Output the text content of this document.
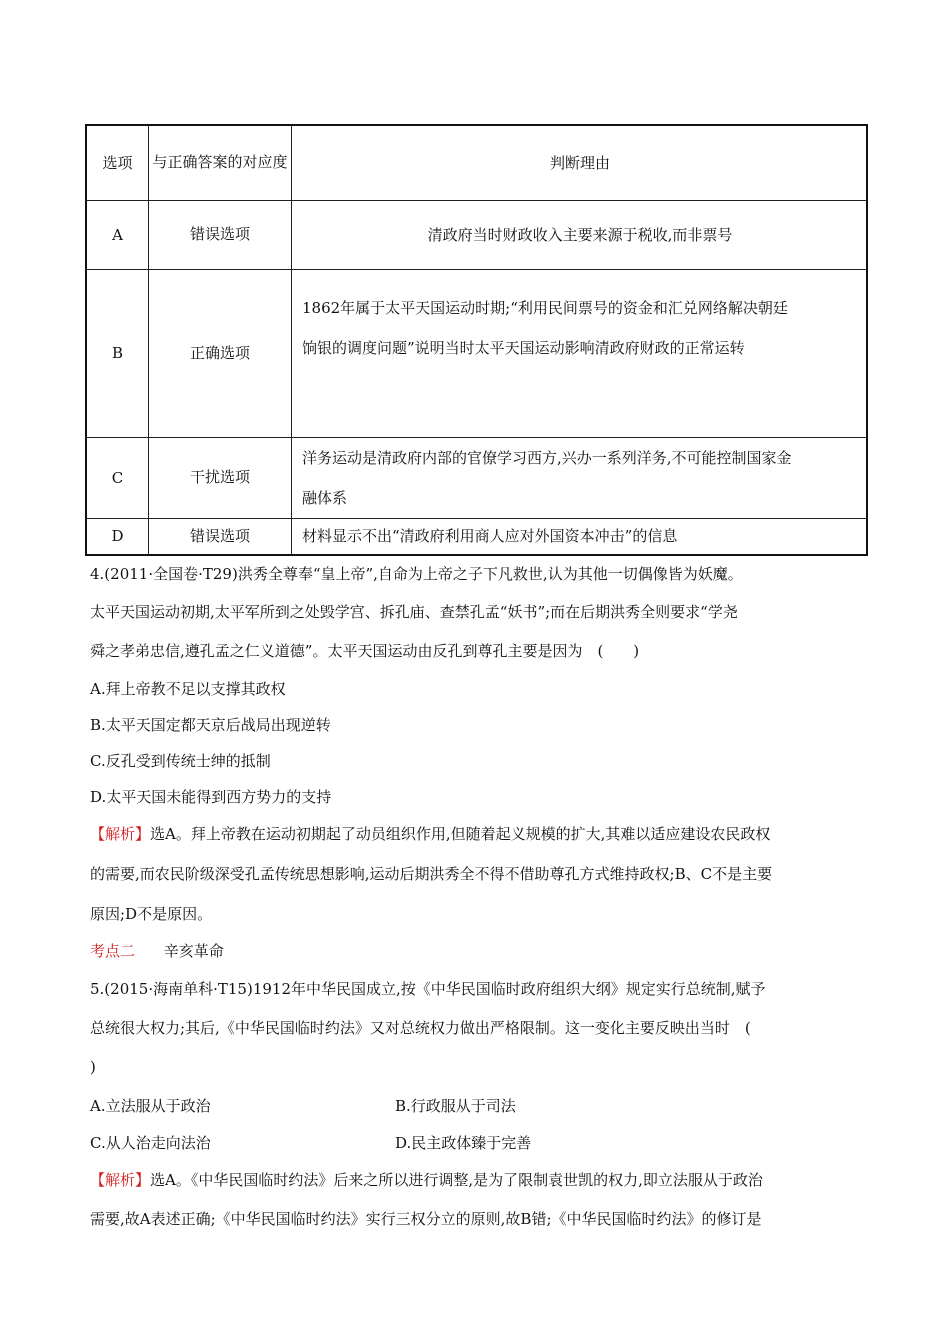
选项	与正确答案的对应度	判断理由
A	错误选项	清政府当时财政收入主要来源于税收,而非票号
B	正确选项	1862年属于太平天国运动时期;“利用民间票号的资金和汇兑网络解决朝廷
饷银的调度问题”说明当时太平天国运动影响清政府财政的正常运转

C	干扰选项	洋务运动是清政府内部的官僚学习西方,兴办一系列洋务,不可能控制国家金
融体系

D	错误选项	材料显示不出“清政府利用商人应对外国资本冲击”的信息
4.(2011·全国卷·T29)洪秀全尊奉“皇上帝”,自命为上帝之子下凡救世,认为其他一切偶像皆为妖魔。
太平天国运动初期,太平军所到之处毁学宫、拆孔庙、查禁孔孟“妖书”;而在后期洪秀全则要求“学尧
舜之孝弟忠信,遵孔孟之仁义道德”。太平天国运动由反孔到尊孔主要是因为　(　　)
A.拜上帝教不足以支撑其政权
B.太平天国定都天京后战局出现逆转
C.反孔受到传统士绅的抵制
D.太平天国未能得到西方势力的支持
【解析】选A。拜上帝教在运动初期起了动员组织作用,但随着起义规模的扩大,其难以适应建设农民政权
的需要,而农民阶级深受孔孟传统思想影响,运动后期洪秀全不得不借助尊孔方式维持政权;B、C不是主要
原因;D不是原因。
考点二 辛亥革命
5.(2015·海南单科·T15)1912年中华民国成立,按《中华民国临时政府组织大纲》规定实行总统制,赋予
总统很大权力;其后,《中华民国临时约法》又对总统权力做出严格限制。这一变化主要反映出当时　(
)
A.立法服从于政治	B.行政服从于司法
C.从人治走向法治	D.民主政体臻于完善
【解析】选A。《中华民国临时约法》后来之所以进行调整,是为了限制袁世凯的权力,即立法服从于政治
需要,故A表述正确;《中华民国临时约法》实行三权分立的原则,故B错;《中华民国临时约法》的修订是
